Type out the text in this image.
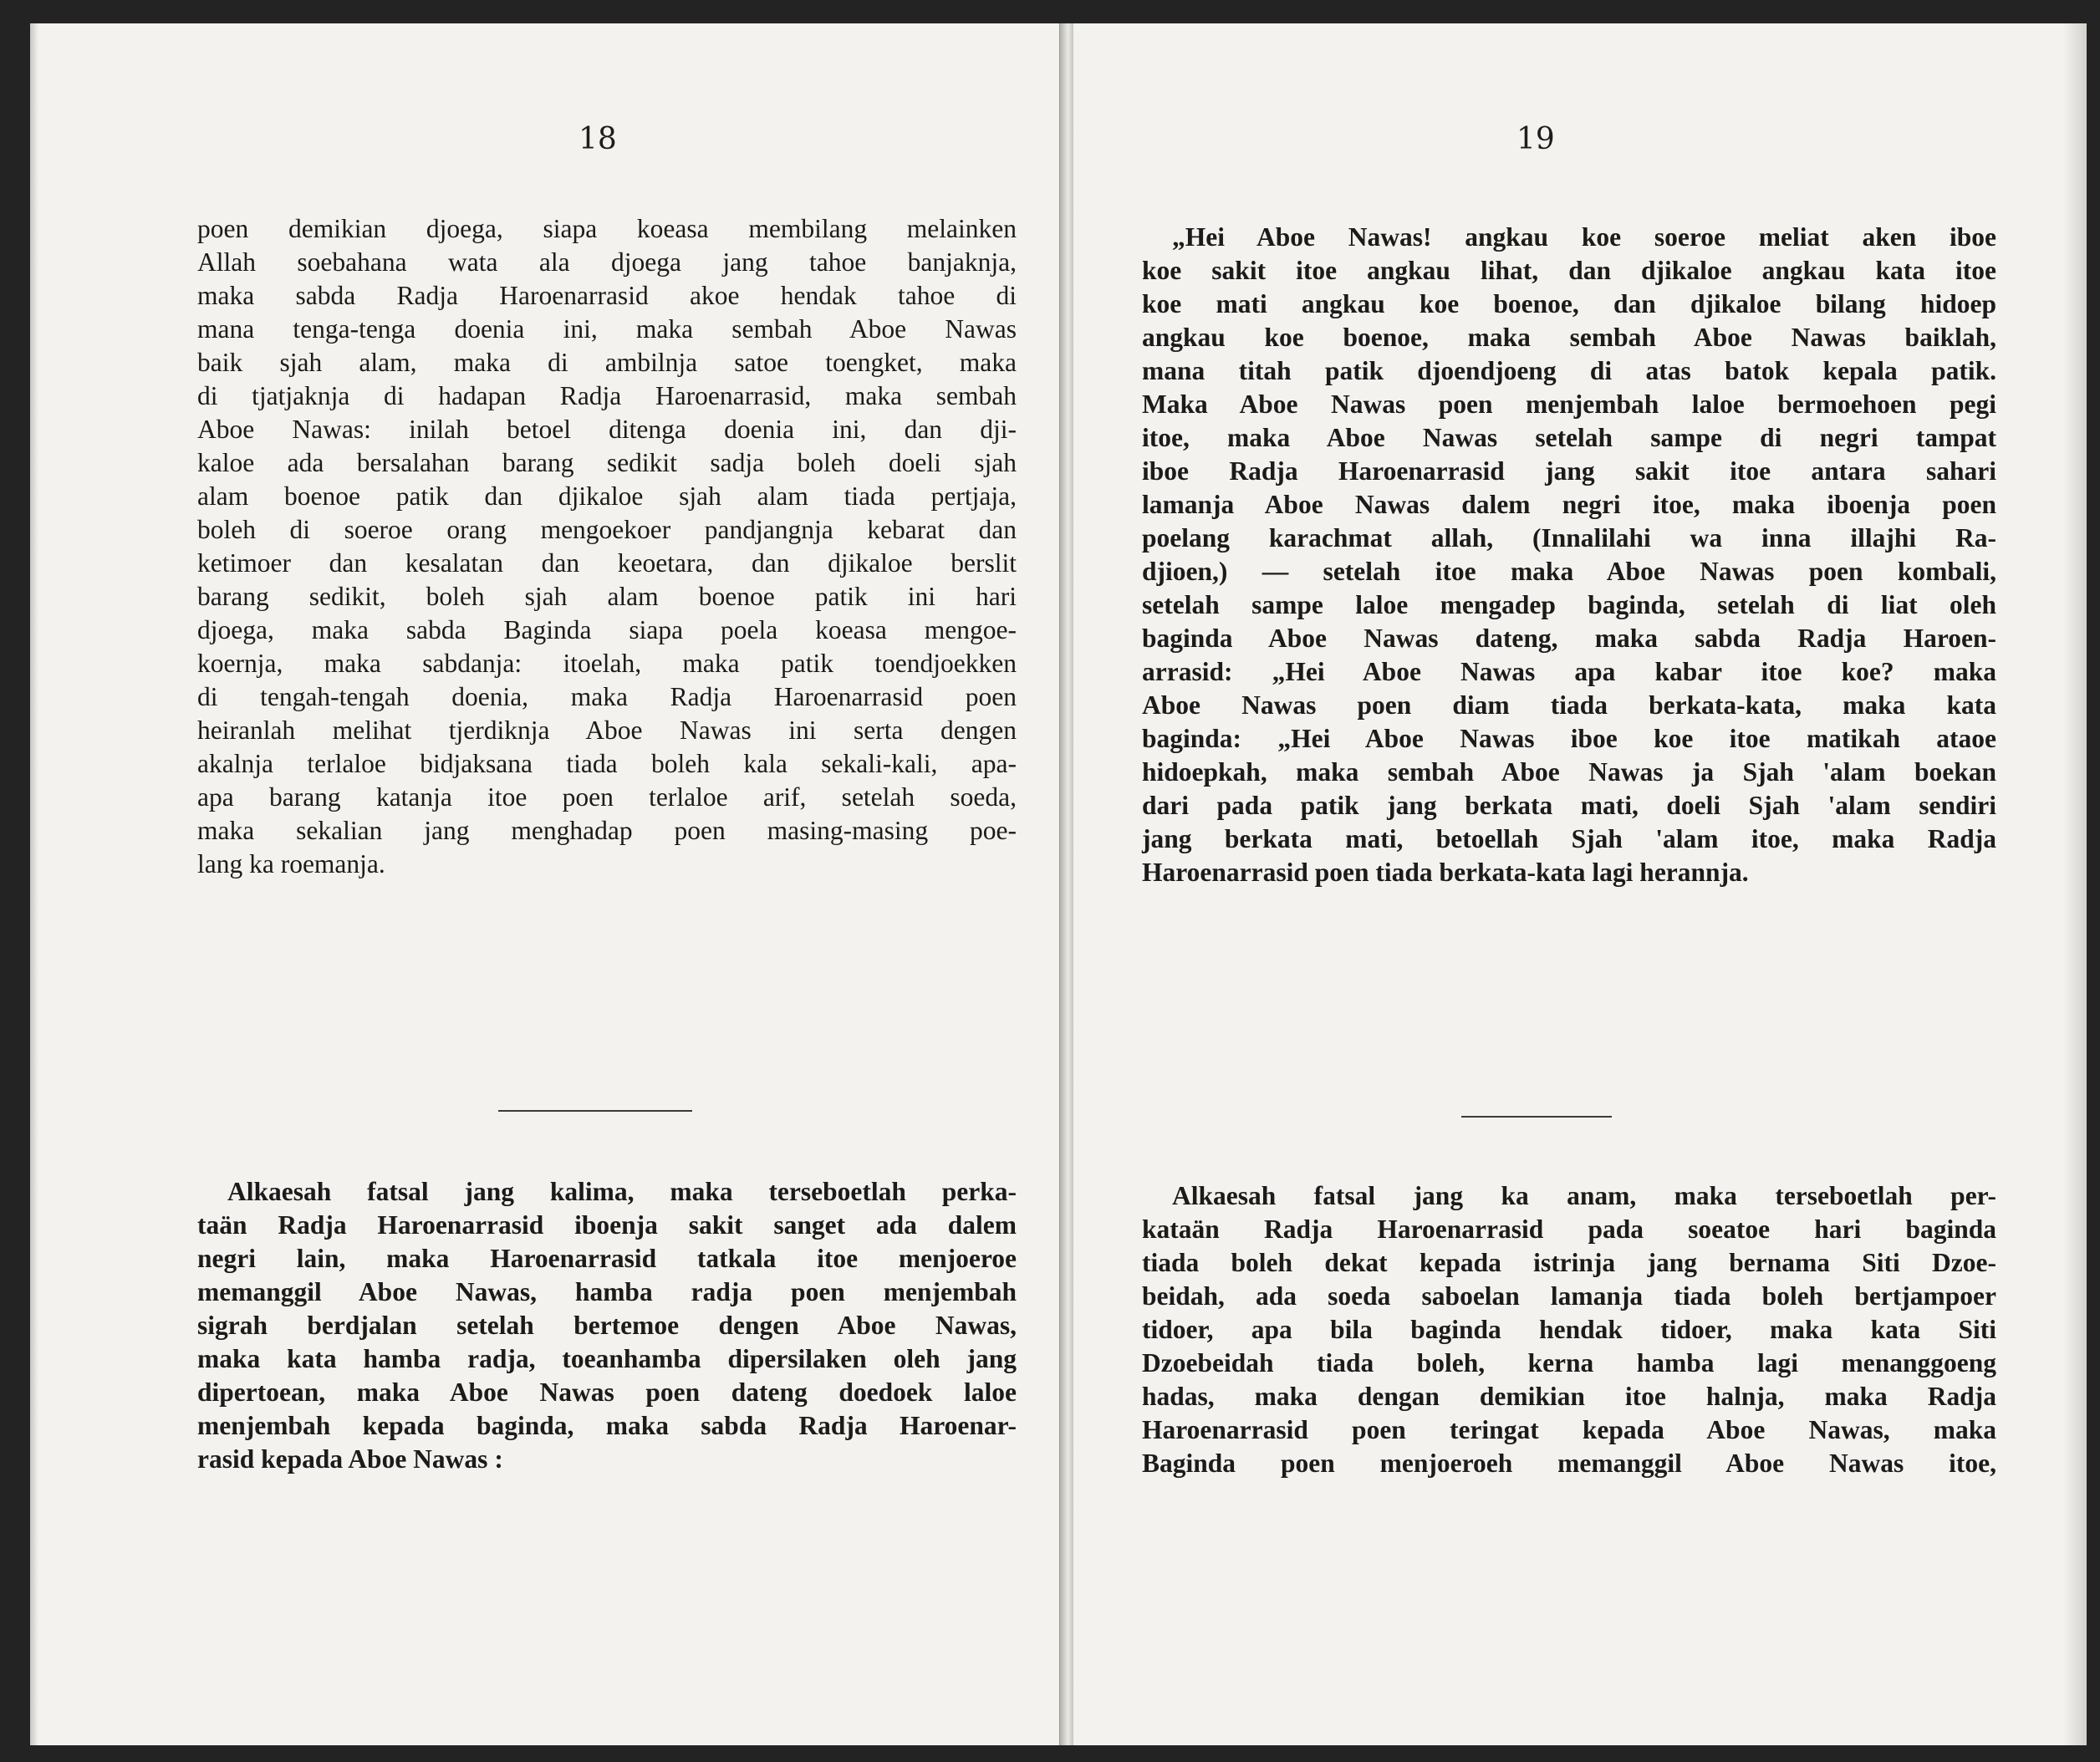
18
poen demikian djoega, siapa koeasa membilang melainken
Allah soebahana wata ala djoega jang tahoe banjaknja,
maka sabda Radja Haroenarrasid akoe hendak tahoe di
mana tenga-tenga doenia ini, maka sembah Aboe Nawas
baik sjah alam, maka di ambilnja satoe toengket, maka
di tjatjaknja di hadapan Radja Haroenarrasid, maka sembah
Aboe Nawas: inilah betoel ditenga doenia ini, dan dji-
kaloe ada bersalahan barang sedikit sadja boleh doeli sjah
alam boenoe patik dan djikaloe sjah alam tiada pertjaja,
boleh di soeroe orang mengoekoer pandjangnja kebarat dan
ketimoer dan kesalatan dan keoetara, dan djikaloe berslit
barang sedikit, boleh sjah alam boenoe patik ini hari
djoega, maka sabda Baginda siapa poela koeasa mengoe-
koernja, maka sabdanja: itoelah, maka patik toendjoekken
di tengah-tengah doenia, maka Radja Haroenarrasid poen
heiranlah melihat tjerdiknja Aboe Nawas ini serta dengen
akalnja terlaloe bidjaksana tiada boleh kala sekali-kali, apa-
apa barang katanja itoe poen terlaloe arif, setelah soeda,
maka sekalian jang menghadap poen masing-masing poe-
lang ka roemanja.
Alkaesah fatsal jang kalima, maka terseboetlah perka-
taän Radja Haroenarrasid iboenja sakit sanget ada dalem
negri lain, maka Haroenarrasid tatkala itoe menjoeroe
memanggil Aboe Nawas, hamba radja poen menjembah
sigrah berdjalan setelah bertemoe dengen Aboe Nawas,
maka kata hamba radja, toeanhamba dipersilaken oleh jang
dipertoean, maka Aboe Nawas poen dateng doedoek laloe
menjembah kepada baginda, maka sabda Radja Haroenar-
rasid kepada Aboe Nawas :
19
„Hei Aboe Nawas! angkau koe soeroe meliat aken iboe
koe sakit itoe angkau lihat, dan djikaloe angkau kata itoe
koe mati angkau koe boenoe, dan djikaloe bilang hidoep
angkau koe boenoe, maka sembah Aboe Nawas baiklah,
mana titah patik djoendjoeng di atas batok kepala patik.
Maka Aboe Nawas poen menjembah laloe bermoehoen pegi
itoe, maka Aboe Nawas setelah sampe di negri tampat
iboe Radja Haroenarrasid jang sakit itoe antara sahari
lamanja Aboe Nawas dalem negri itoe, maka iboenja poen
poelang karachmat allah, (Innalilahi wa inna illajhi Ra-
djioen,) — setelah itoe maka Aboe Nawas poen kombali,
setelah sampe laloe mengadep baginda, setelah di liat oleh
baginda Aboe Nawas dateng, maka sabda Radja Haroen-
arrasid: „Hei Aboe Nawas apa kabar itoe koe? maka
Aboe Nawas poen diam tiada berkata-kata, maka kata
baginda: „Hei Aboe Nawas iboe koe itoe matikah ataoe
hidoepkah, maka sembah Aboe Nawas ja Sjah 'alam boekan
dari pada patik jang berkata mati, doeli Sjah 'alam sendiri
jang berkata mati, betoellah Sjah 'alam itoe, maka Radja
Haroenarrasid poen tiada berkata-kata lagi herannja.
Alkaesah fatsal jang ka anam, maka terseboetlah per-
kataän Radja Haroenarrasid pada soeatoe hari baginda
tiada boleh dekat kepada istrinja jang bernama Siti Dzoe-
beidah, ada soeda saboelan lamanja tiada boleh bertjampoer
tidoer, apa bila baginda hendak tidoer, maka kata Siti
Dzoebeidah tiada boleh, kerna hamba lagi menanggoeng
hadas, maka dengan demikian itoe halnja, maka Radja
Haroenarrasid poen teringat kepada Aboe Nawas, maka
Baginda poen menjoeroeh memanggil Aboe Nawas itoe,
